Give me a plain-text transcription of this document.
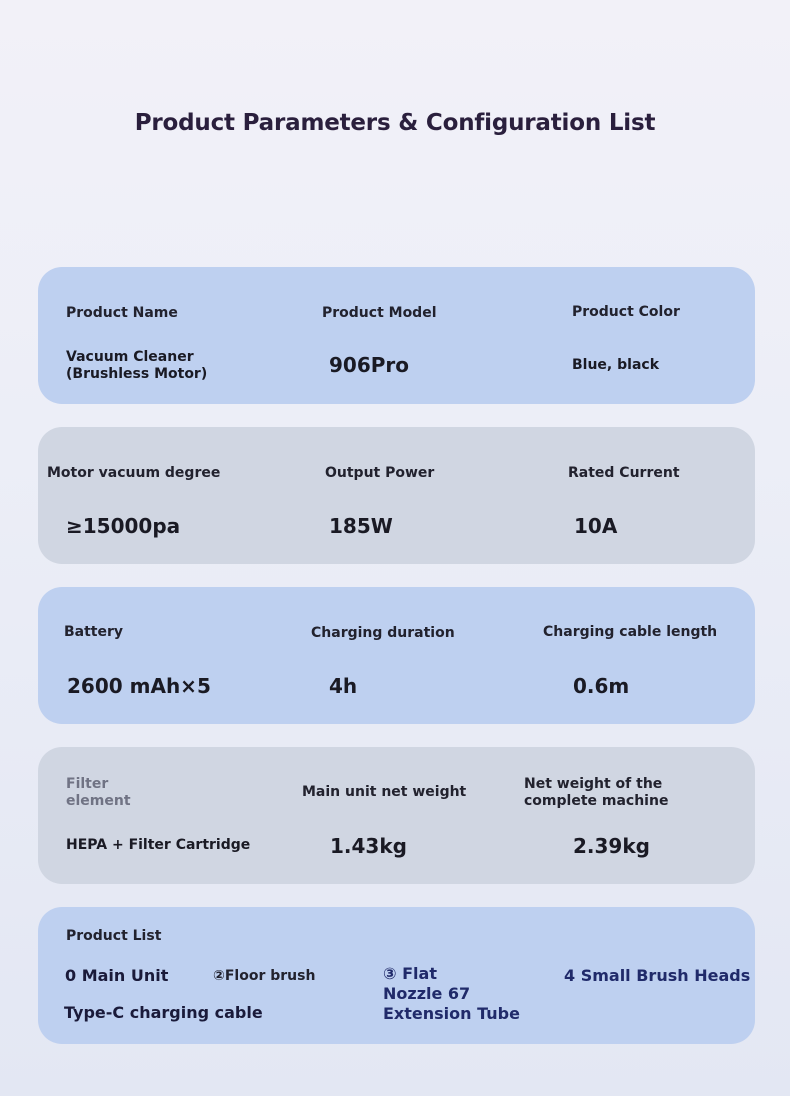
Product Parameters & Configuration List
Product Name
Vacuum Cleaner (Brushless Motor)
Product Model
906Pro
Product Color
Blue, black
Motor vacuum degree
≥15000pa
Output Power
185W
Rated Current
10A
Battery
2600 mAh×5
Charging duration
4h
Charging cable length
0.6m
Filter element
HEPA + Filter Cartridge
Main unit net weight
1.43kg
Net weight of the complete machine
2.39kg
Product List
0 Main Unit	②Floor brush	③ Flat Nozzle 67
Extension Tube
4 Small Brush Heads
Type-C charging cable
